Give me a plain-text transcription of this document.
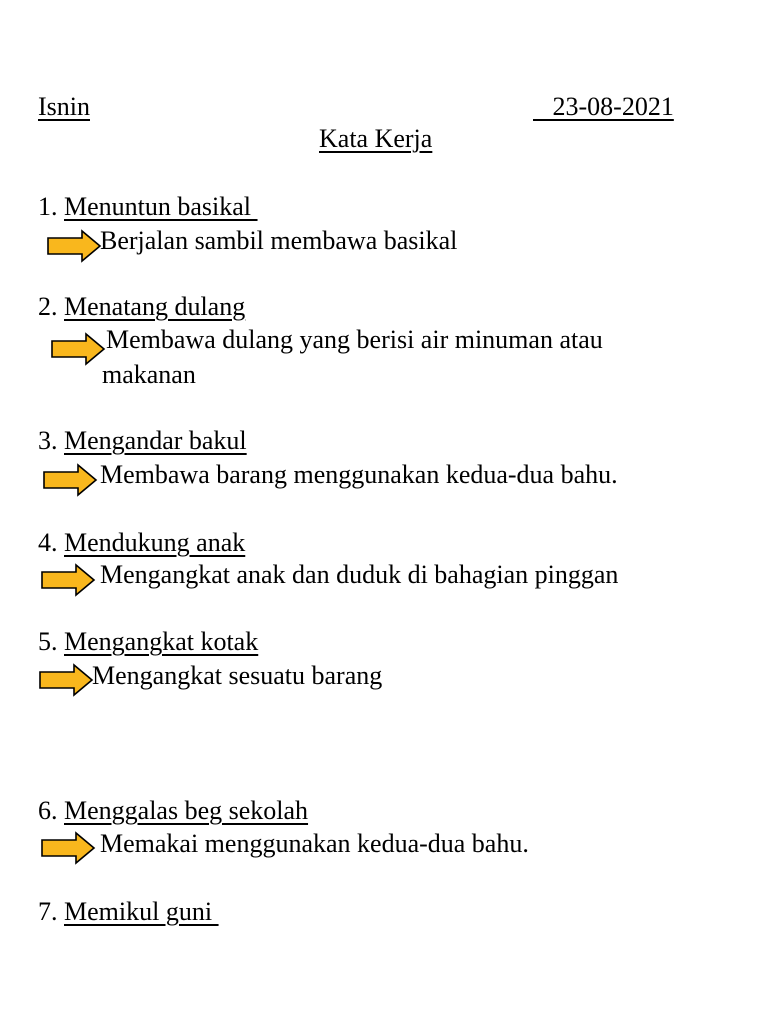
Isnin	23-08-2021
Kata Kerja
1. Menuntun basikal
Berjalan sambil membawa basikal
2. Menatang dulang
Membawa dulang yang berisi air minuman atau
makanan
3. Mengandar bakul
Membawa barang menggunakan kedua-dua bahu.
4. Mendukung anak
Mengangkat anak dan duduk di bahagian pinggan
5. Mengangkat kotak
Mengangkat sesuatu barang
6. Menggalas beg sekolah
Memakai menggunakan kedua-dua bahu.
7. Memikul guni
